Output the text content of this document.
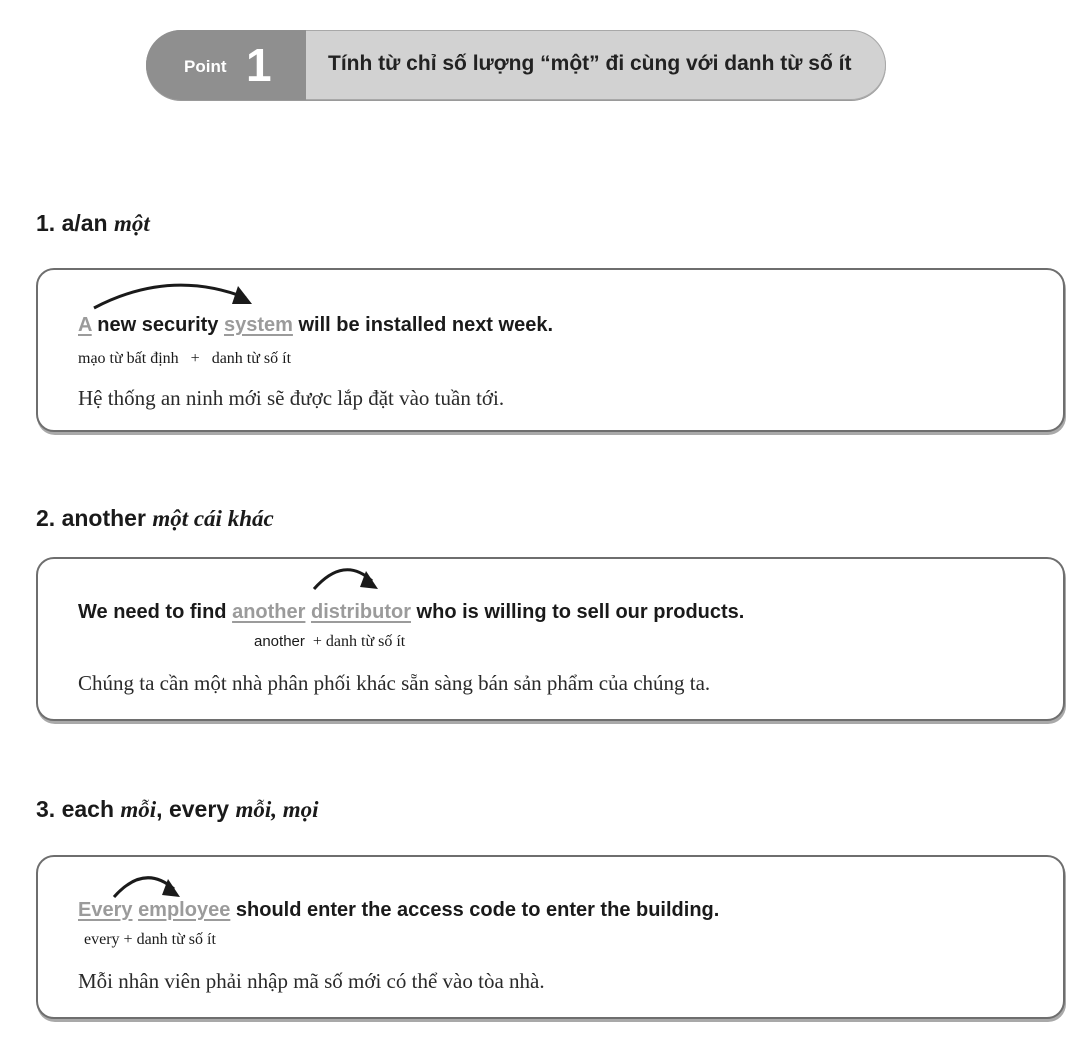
Point 1	Tính từ chỉ số lượng “một” đi cùng với danh từ số ít
1. a/an một
A new security system will be installed next week.
mạo từ bất định + danh từ số ít
Hệ thống an ninh mới sẽ được lắp đặt vào tuần tới.
2. another một cái khác
We need to find another distributor who is willing to sell our products.
another + danh từ số ít
Chúng ta cần một nhà phân phối khác sẵn sàng bán sản phẩm của chúng ta.
3. each mỗi, every mỗi, mọi
Every employee should enter the access code to enter the building.
every + danh từ số ít
Mỗi nhân viên phải nhập mã số mới có thể vào tòa nhà.
